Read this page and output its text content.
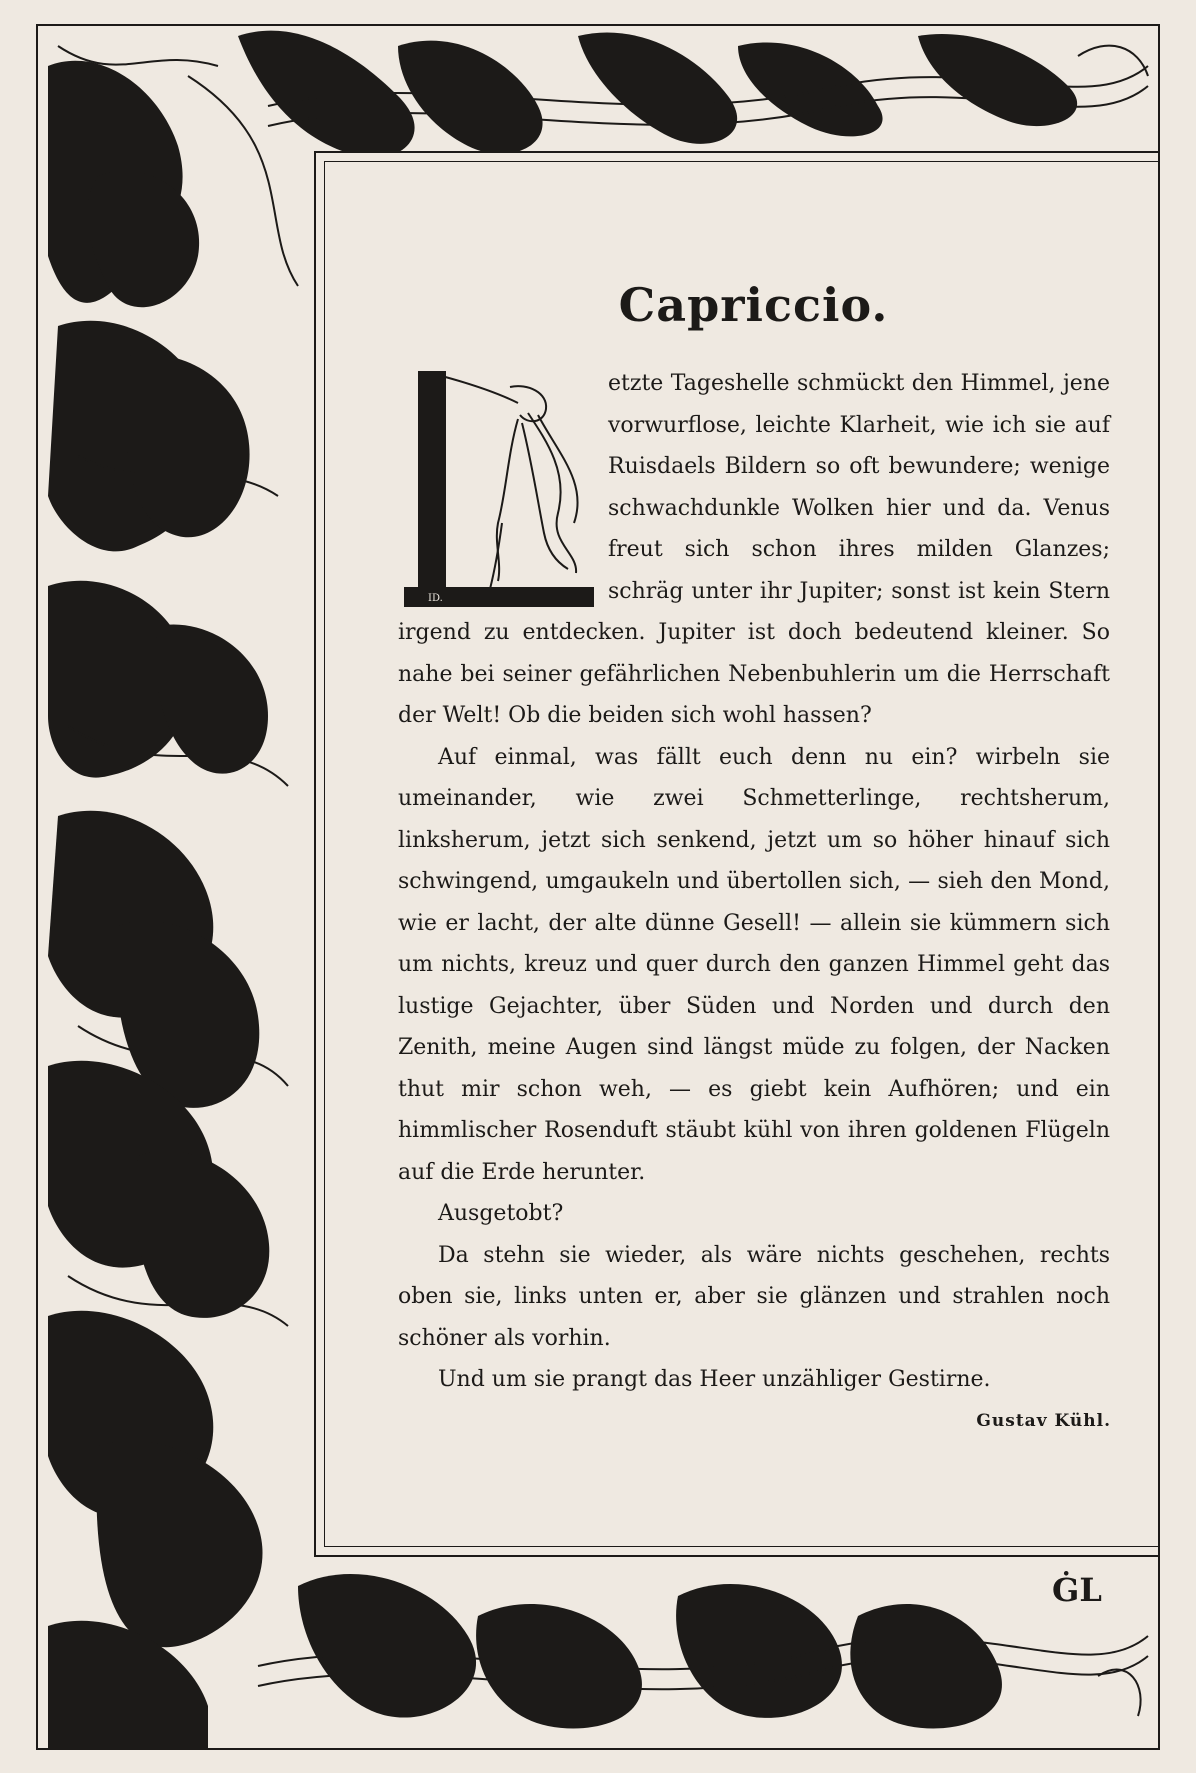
Capriccio.
ID.

etzte Tageshelle schmückt den Himmel, jene vorwurflose, leichte Klarheit, wie ich sie auf Ruisdaels Bildern so oft bewundere; wenige schwachdunkle Wolken hier und da. Venus freut sich schon ihres milden Glanzes; schräg unter ihr Jupiter; sonst ist kein Stern irgend zu entdecken. Jupiter ist doch bedeutend kleiner. So nahe bei seiner gefährlichen Nebenbuhlerin um die Herrschaft der Welt! Ob die beiden sich wohl hassen?

Auf einmal, was fällt euch denn nu ein? wirbeln sie umeinander, wie zwei Schmetterlinge, rechtsherum, linksherum, jetzt sich senkend, jetzt um so höher hinauf sich schwingend, umgaukeln und übertollen sich, — sieh den Mond, wie er lacht, der alte dünne Gesell! — allein sie kümmern sich um nichts, kreuz und quer durch den ganzen Himmel geht das lustige Gejachter, über Süden und Norden und durch den Zenith, meine Augen sind längst müde zu folgen, der Nacken thut mir schon weh, — es giebt kein Aufhören; und ein himmlischer Rosenduft stäubt kühl von ihren goldenen Flügeln auf die Erde herunter.

Ausgetobt?

Da stehn sie wieder, als wäre nichts geschehen, rechts oben sie, links unten er, aber sie glänzen und strahlen noch schöner als vorhin.

Und um sie prangt das Heer unzähliger Gestirne.

Gustav Kühl.
ĠL
